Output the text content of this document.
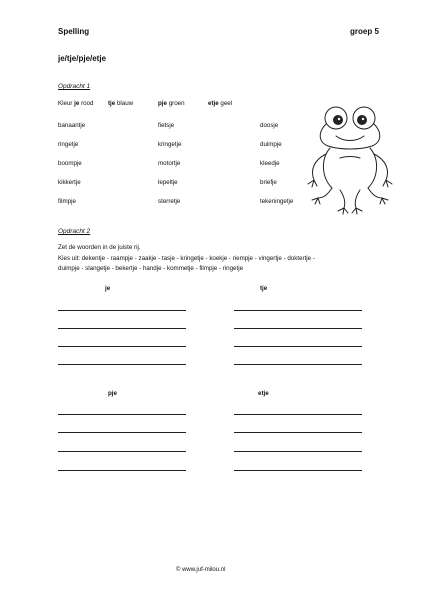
Spelling	groep 5
je/tje/pje/etje
Opdracht 1
Kleur je rood tje blauw	pje groen	etje geel
banaantje	fietsje	doosje
ringetje	kringetje	duimpje
boompje	motortje	kleedje
kikkertje	lepeltje	briefje
filmpje	sterretje	tekeningetje
Opdracht 2
Zet de woorden in de juiste rij.
Kies uit: dekentje - raampje - zaakje - tasje - kringetje - koekje - riempje - vingertje - doktertje -
duimpje - slangetje - bekertje - handje - kommetje - filmpje - ringetje
je	tje
pje	etje
© www.juf-milou.nl
